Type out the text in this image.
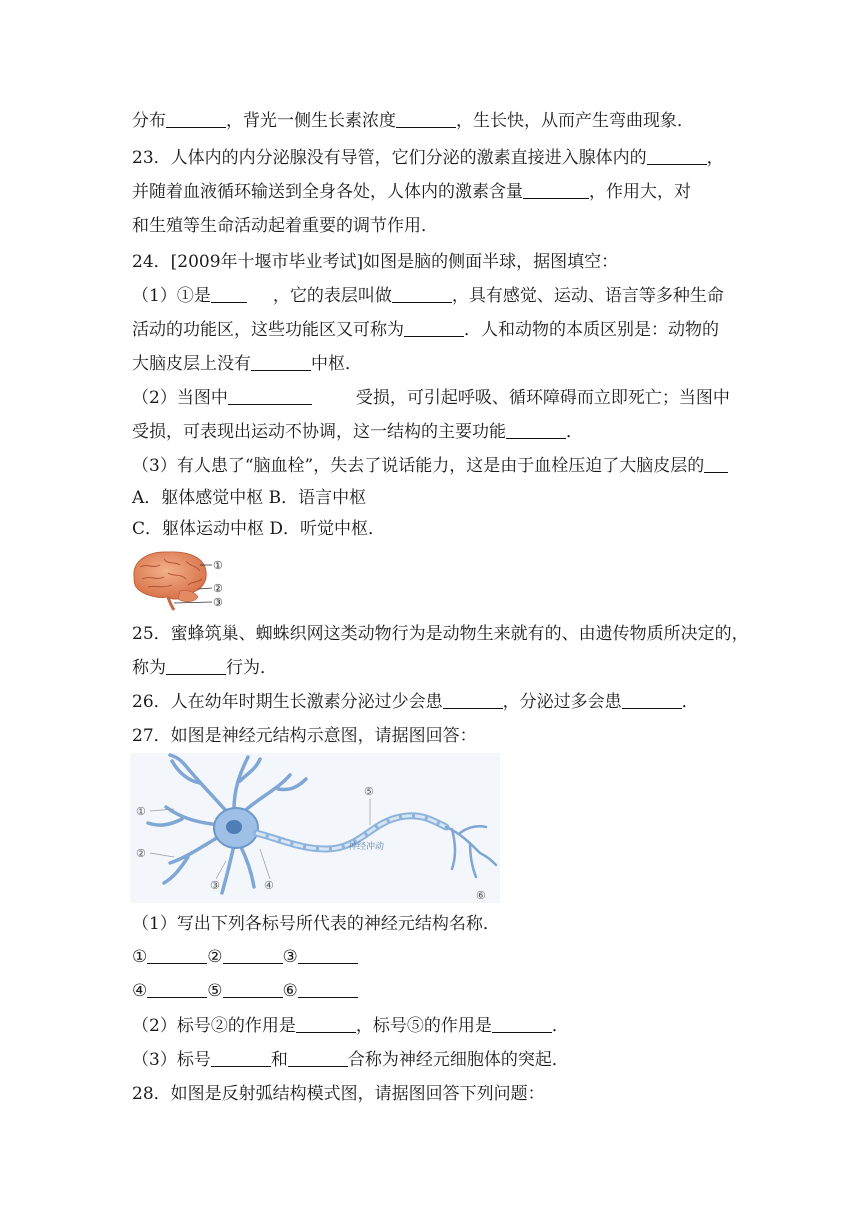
分布	，背光一侧生长素浓度	，生长快，从而产生弯曲现象．
23．人体内的内分泌腺没有导管，它们分泌的激素直接进入腺体内的	，
并随着血液循环输送到全身各处，人体内的激素含量	，作用大，对
和生殖等生命活动起着重要的调节作用．
24．[2009年十堰市毕业考试]如图是脑的侧面半球，据图填空：
（1）①是	，它的表层叫做	，具有感觉、运动、语言等多种生命
活动的功能区，这些功能区又可称为	．人和动物的本质区别是：动物的
大脑皮层上没有	中枢．
（2）当图中	受损，可引起呼吸、循环障碍而立即死亡；当图中
受损，可表现出运动不协调，这一结构的主要功能	．
（3）有人患了“脑血栓”，失去了说话能力，这是由于血栓压迫了大脑皮层的
A．躯体感觉中枢 B．语言中枢
C．躯体运动中枢 D．听觉中枢．
①
②
③
25．蜜蜂筑巢、蜘蛛织网这类动物行为是动物生来就有的、由遗传物质所决定的，
称为	行为．
26．人在幼年时期生长激素分泌过少会患	，分泌过多会患	．
27．如图是神经元结构示意图，请据图回答：
神经冲动
①
②
③	④
⑤
⑥
（1）写出下列各标号所代表的神经元结构名称．
①	②	③
④	⑤	⑥
（2）标号②的作用是	，标号⑤的作用是	．
（3）标号	和	合称为神经元细胞体的突起．
28．如图是反射弧结构模式图，请据图回答下列问题：
